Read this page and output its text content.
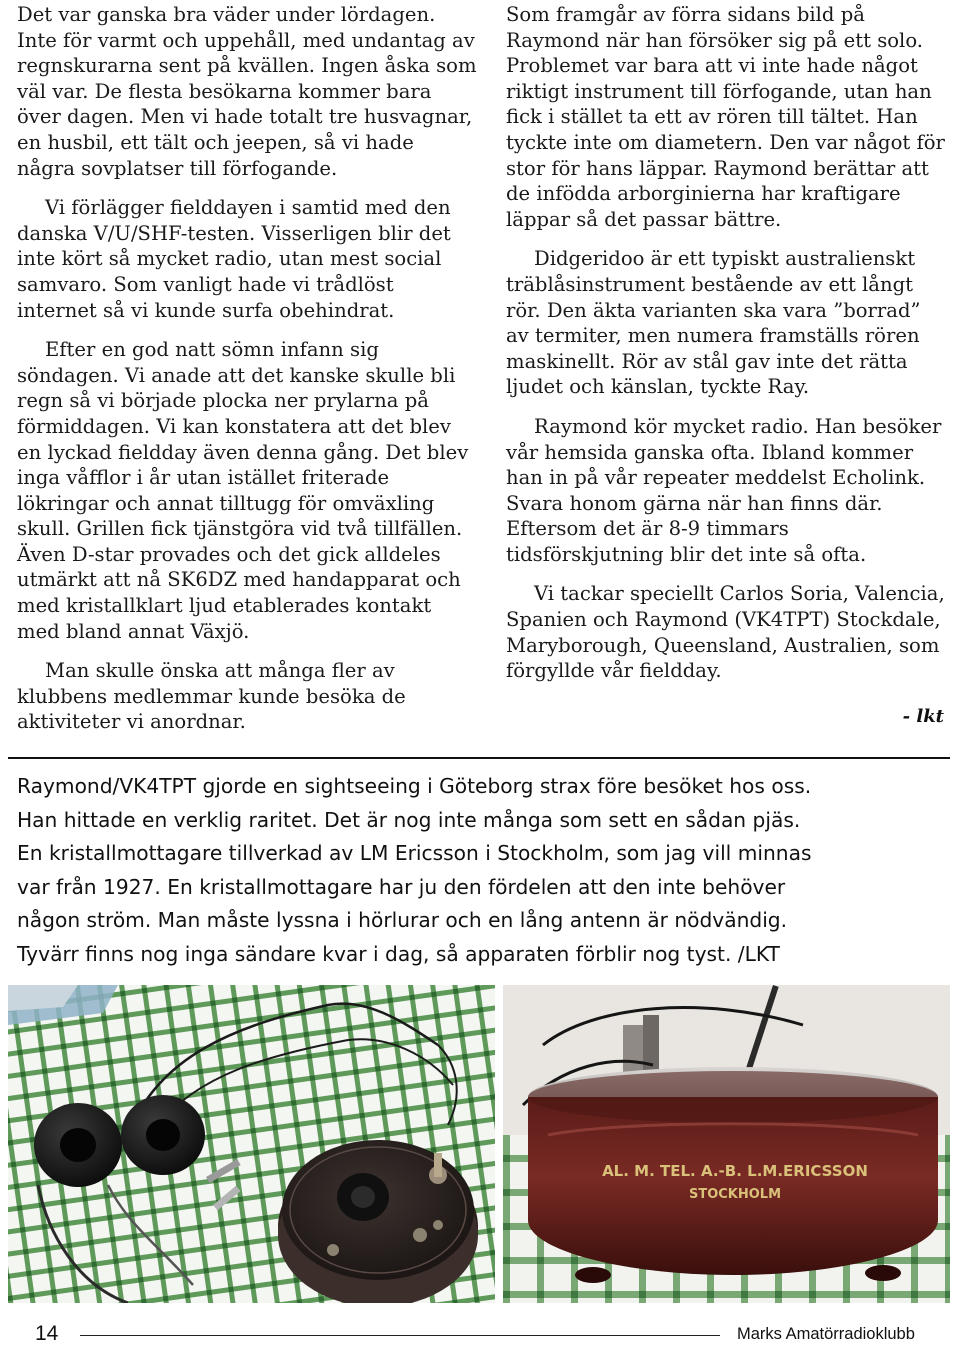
Det var ganska bra väder under lördagen. Inte för varmt och uppehåll, med undantag av regnskurarna sent på kvällen. Ingen åska som väl var. De flesta besökarna kommer bara över dagen. Men vi hade totalt tre husvagnar, en husbil, ett tält och jeepen, så vi hade några sovplatser till förfogande.

Vi förlägger fielddayen i samtid med den danska V/U/SHF-testen. Visserligen blir det inte kört så mycket radio, utan mest social samvaro. Som vanligt hade vi trådlöst internet så vi kunde surfa obehindrat.

Efter en god natt sömn infann sig söndagen. Vi anade att det kanske skulle bli regn så vi började plocka ner prylarna på förmiddagen. Vi kan konstatera att det blev en lyckad fieldday även denna gång. Det blev inga våfflor i år utan istället friterade lökringar och annat tilltugg för omväxling skull. Grillen fick tjänstgöra vid två tillfällen. Även D-star provades och det gick alldeles utmärkt att nå SK6DZ med handapparat och med kristallklart ljud etablerades kontakt med bland annat Växjö.

Man skulle önska att många fler av klubbens medlemmar kunde besöka de aktiviteter vi anordnar.

Som framgår av förra sidans bild på Raymond när han försöker sig på ett solo. Problemet var bara att vi inte hade något riktigt instrument till förfogande, utan han fick i stället ta ett av rören till tältet. Han tyckte inte om diametern. Den var något för stor för hans läppar. Raymond berättar att de infödda arborginierna har kraftigare läppar så det passar bättre.

Didgeridoo är ett typiskt australienskt träblåsinstrument bestående av ett långt rör. Den äkta varianten ska vara ”borrad” av termiter, men numera framställs rören maskinellt. Rör av stål gav inte det rätta ljudet och känslan, tyckte Ray.

Raymond kör mycket radio. Han besöker vår hemsida ganska ofta. Ibland kommer han in på vår repeater meddelst Echolink. Svara honom gärna när han finns där. Eftersom det är 8-9 timmars tidsförskjutning blir det inte så ofta.

Vi tackar speciellt Carlos Soria, Valencia, Spanien och Raymond (VK4TPT) Stockdale, Maryborough, Queensland, Australien, som förgyllde vår fieldday.

- lkt
Raymond/VK4TPT gjorde en sightseeing i Göteborg strax före besöket hos oss.
Han hittade en verklig raritet. Det är nog inte många som sett en sådan pjäs.
En kristallmottagare tillverkad av LM Ericsson i Stockholm, som jag vill minnas
var från 1927. En kristallmottagare har ju den fördelen att den inte behöver
någon ström. Man måste lyssna i hörlurar och en lång antenn är nödvändig.
Tyvärr finns nog inga sändare kvar i dag, så apparaten förblir nog tyst. /LKT
AL. M. TEL. A.-B. L.M.ERICSSON
STOCKHOLM
14	Marks Amatörradioklubb
